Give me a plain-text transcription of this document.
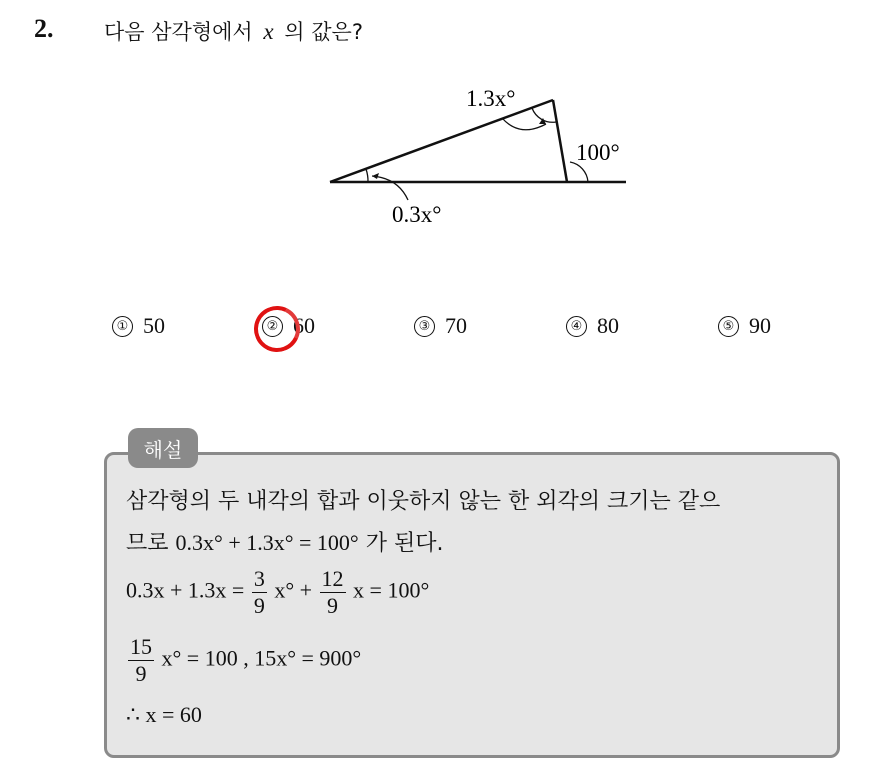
2. 다음 삼각형에서 x 의 값은?
1.3x°
100°
0.3x°
① 50	② 60	③ 70	④ 80	⑤ 90
해설
삼각형의 두 내각의 합과 이웃하지 않는 한 외각의 크기는 같으
므로 0.3x° + 1.3x° = 100° 가 된다.
$0.3x + 1.3x = \frac{3}{9} x^\circ + \frac{12}{9}$ x = 100°
$\frac{15}{9} x^\circ = 100$ , 15x° = 900°
∴ x = 60
